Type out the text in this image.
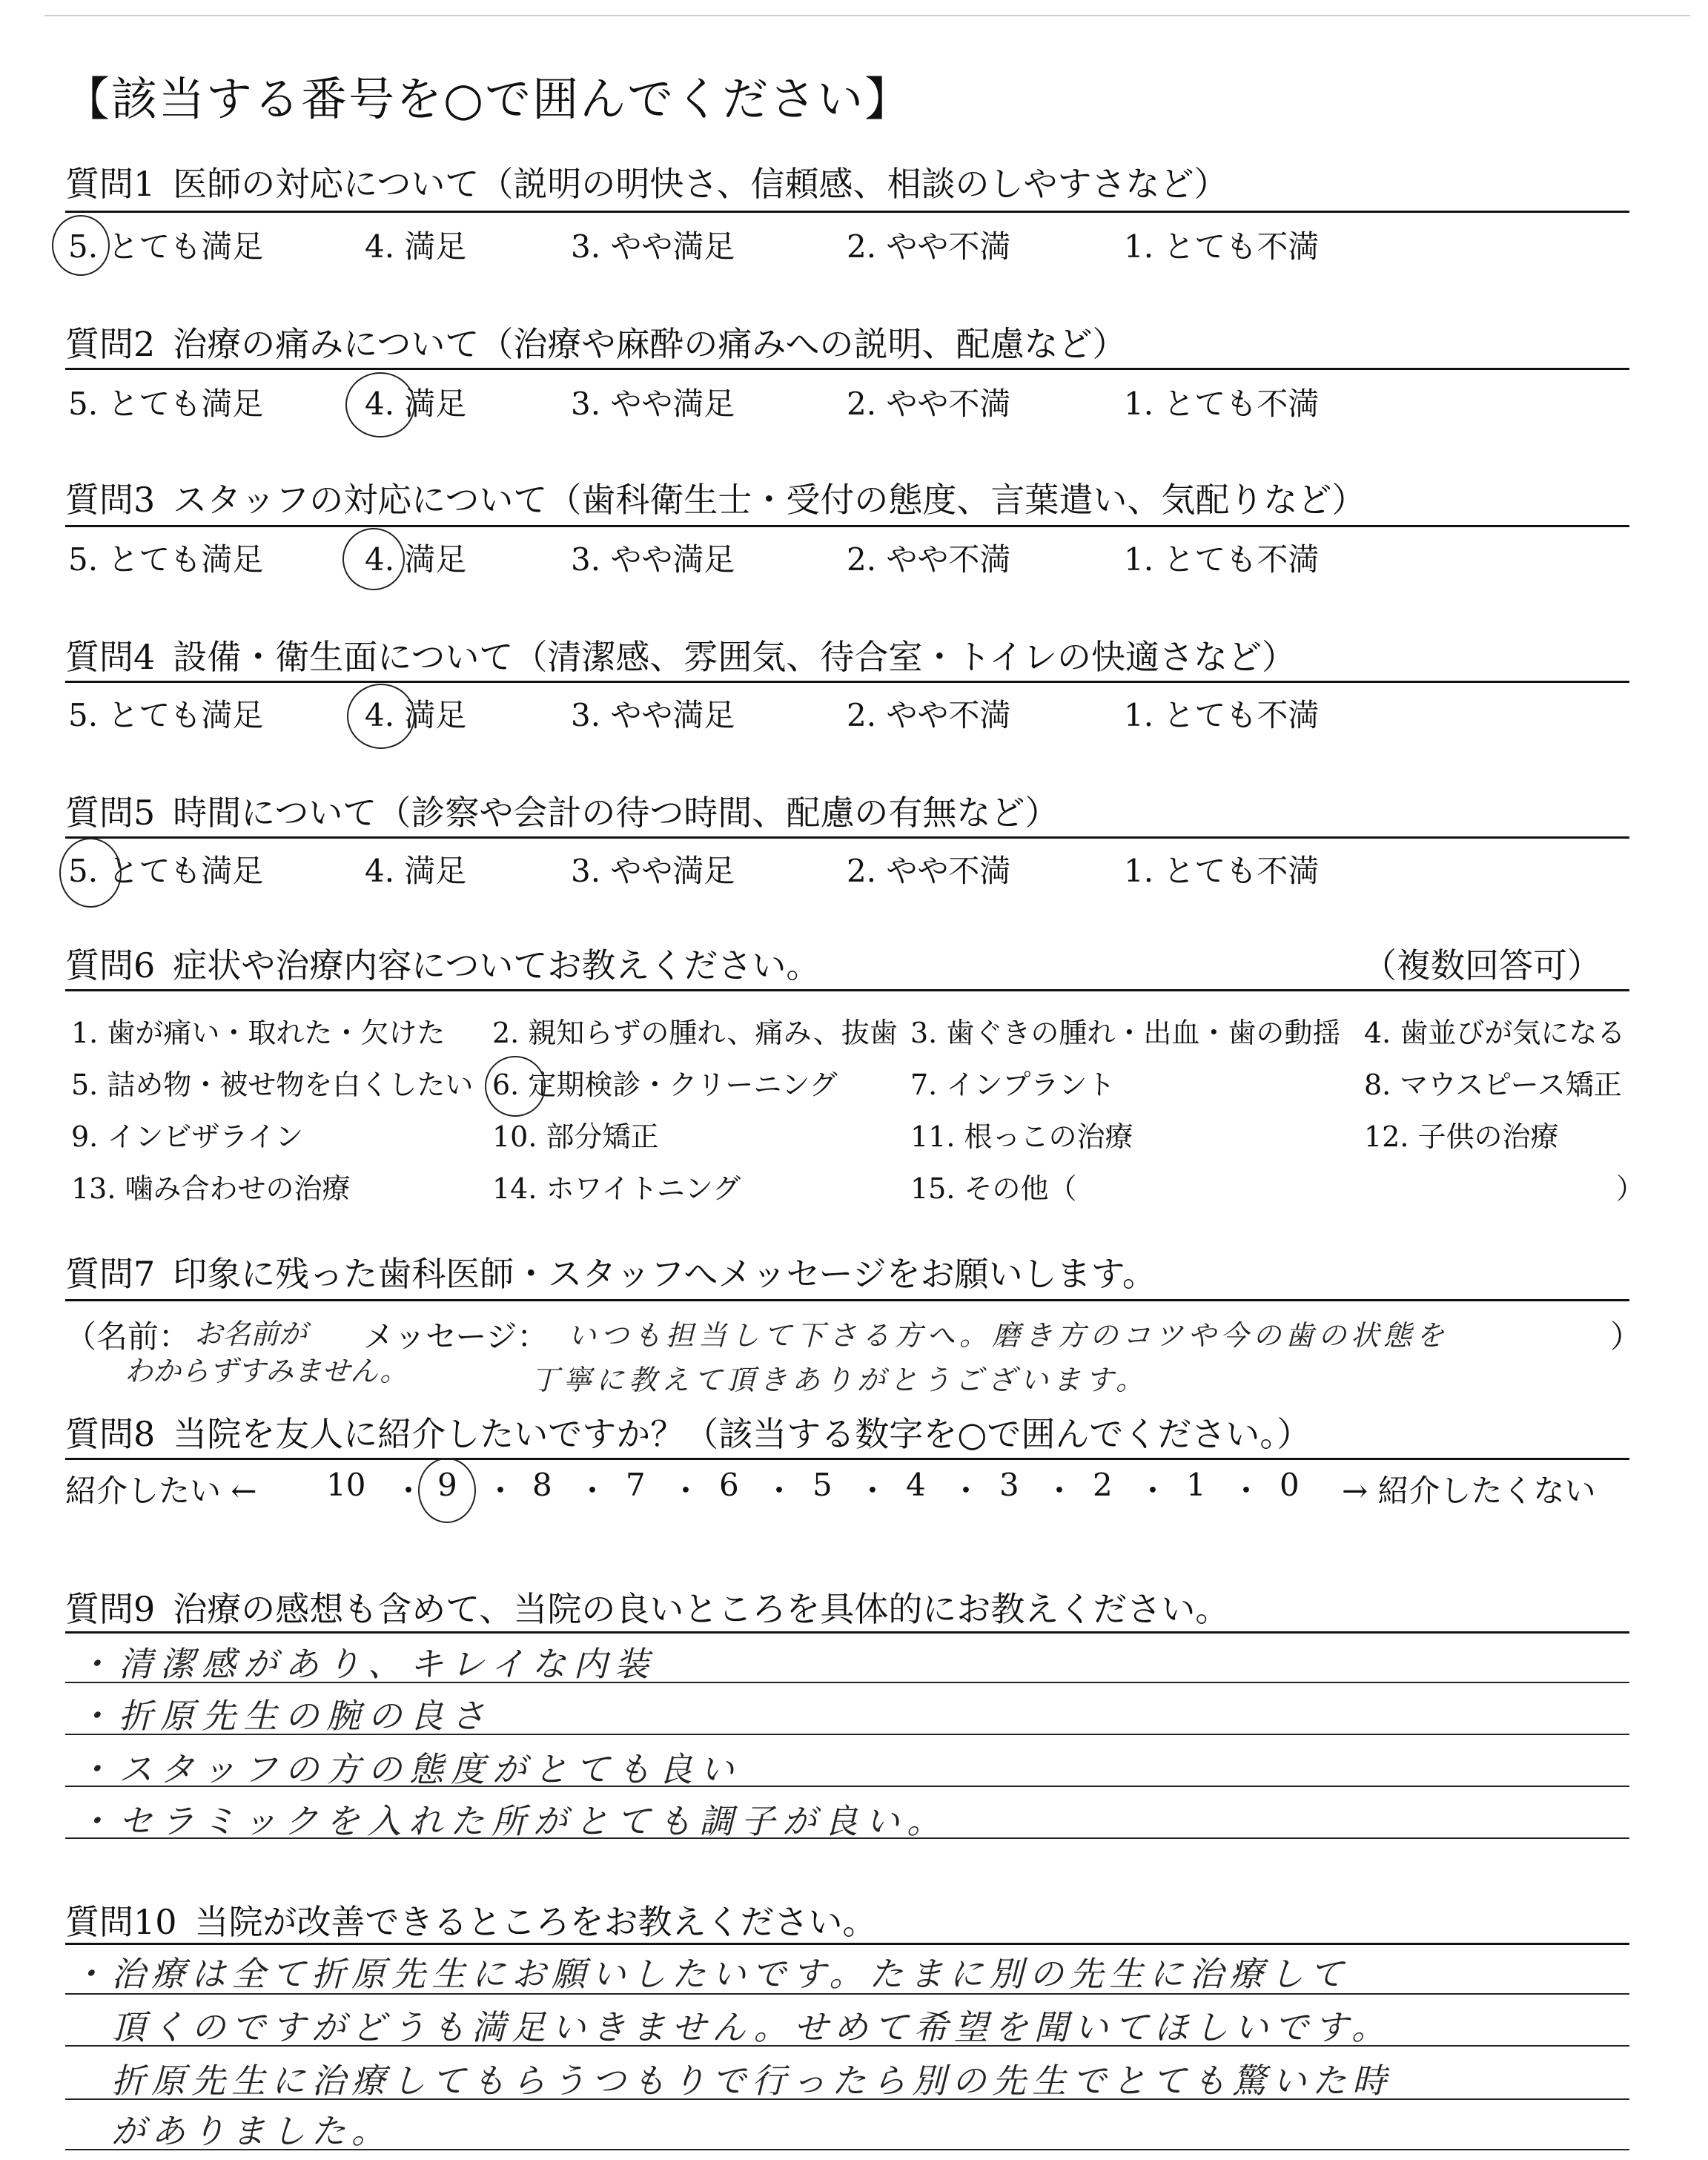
【該当する番号を○で囲んでください】
質問1 医師の対応について（説明の明快さ、信頼感、相談のしやすさなど）
5. とても満足	4. 満足	3. やや満足	2. やや不満	1. とても不満
質問2 治療の痛みについて（治療や麻酔の痛みへの説明、配慮など）
5. とても満足	4. 満足	3. やや満足	2. やや不満	1. とても不満
質問3 スタッフの対応について（歯科衛生士・受付の態度、言葉遣い、気配りなど）
5. とても満足	4. 満足	3. やや満足	2. やや不満	1. とても不満
質問4 設備・衛生面について（清潔感、雰囲気、待合室・トイレの快適さなど）
5. とても満足	4. 満足	3. やや満足	2. やや不満	1. とても不満
質問5 時間について（診察や会計の待つ時間、配慮の有無など）
5. とても満足	4. 満足	3. やや満足	2. やや不満	1. とても不満
質問6 症状や治療内容についてお教えください。	（複数回答可）
1. 歯が痛い・取れた・欠けた 2. 親知らずの腫れ、痛み、抜歯 3. 歯ぐきの腫れ・出血・歯の動揺 4. 歯並びが気になる
5. 詰め物・被せ物を白くしたい 6. 定期検診・クリーニング	7. インプラント	8. マウスピース矯正
9. インビザライン	10. 部分矯正	11. 根っこの治療	12. 子供の治療
13. 噛み合わせの治療	14. ホワイトニング	15. その他（	）
質問7 印象に残った歯科医師・スタッフへメッセージをお願いします。
（名前： お名前が
わからずすみません。
メッセージ： いつも担当して下さる方へ。磨き方のコツや今の歯の状態を
丁寧に教えて頂きありがとうございます。
）
質問8 当院を友人に紹介したいですか？（該当する数字を○で囲んでください。）
紹介したい ← 10 ・ 9 ・ 8 ・ 7 ・ 6 ・ 5 ・ 4 ・ 3 ・ 2 ・ 1 ・ 0 → 紹介したくない
質問9 治療の感想も含めて、当院の良いところを具体的にお教えください。
・清潔感があり、キレイな内装
・折原先生の腕の良さ
・スタッフの方の態度がとても良い
・セラミックを入れた所がとても調子が良い。
質問10 当院が改善できるところをお教えください。
・治療は全て折原先生にお願いしたいです。たまに別の先生に治療して
頂くのですがどうも満足いきません。せめて希望を聞いてほしいです。
折原先生に治療してもらうつもりで行ったら別の先生でとても驚いた時
がありました。
